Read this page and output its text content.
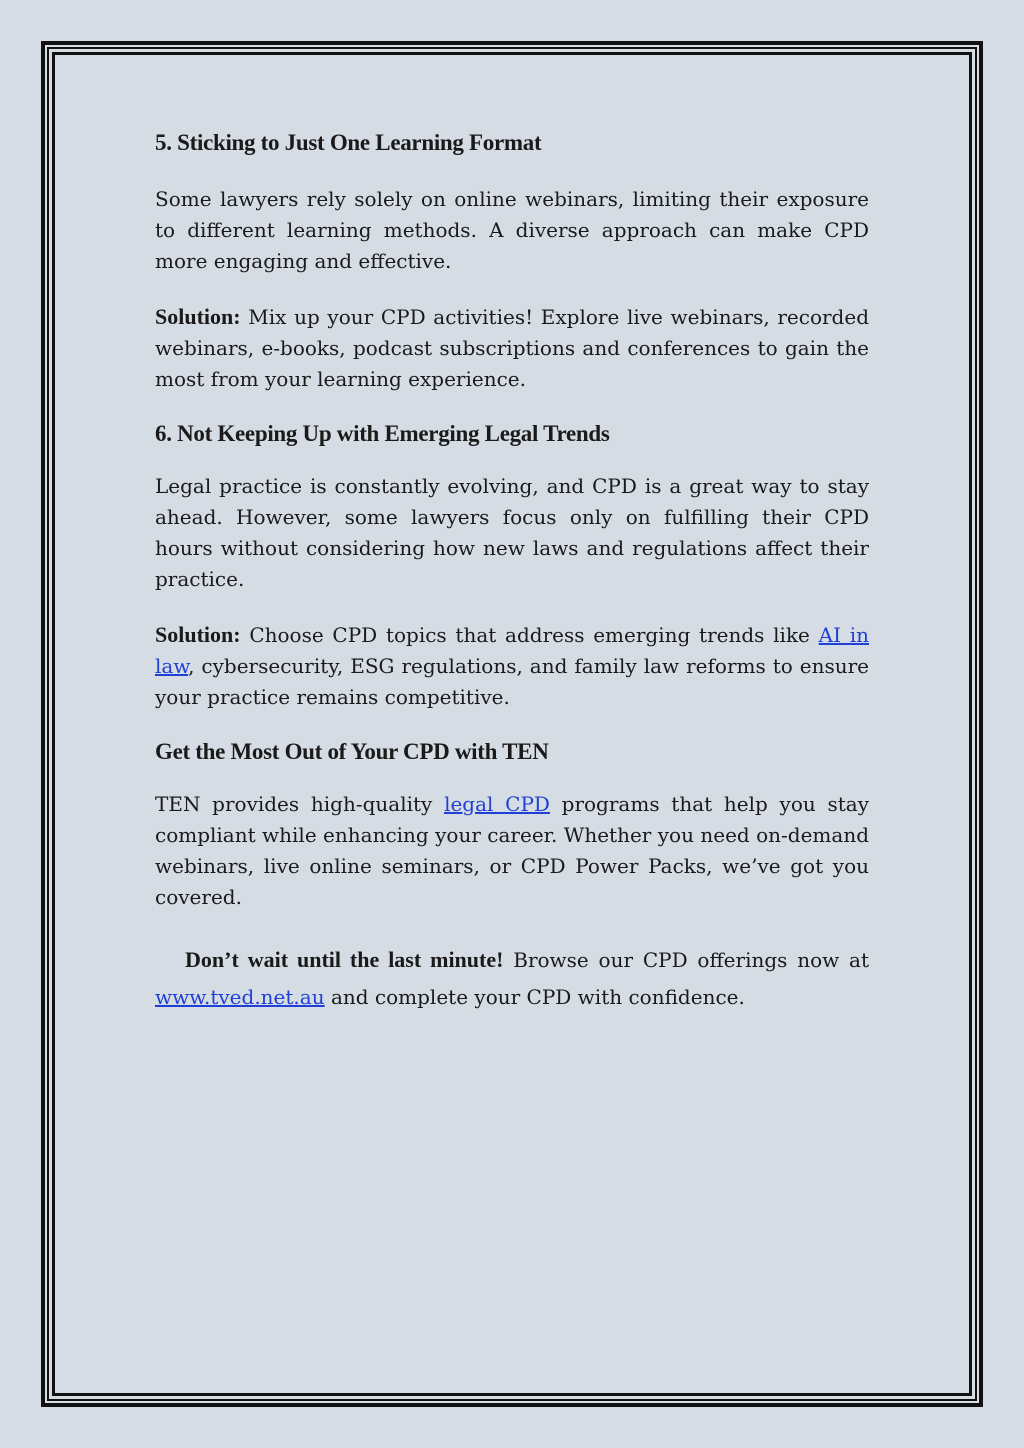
5. Sticking to Just One Learning Format

Some lawyers rely solely on online webinars, limiting their exposure to different learning methods. A diverse approach can make CPD more engaging and effective.

Solution: Mix up your CPD activities! Explore live webinars, recorded webinars, e-books, podcast subscriptions and conferences to gain the most from your learning experience.

6. Not Keeping Up with Emerging Legal Trends

Legal practice is constantly evolving, and CPD is a great way to stay ahead. However, some lawyers focus only on fulfilling their CPD hours without considering how new laws and regulations affect their practice.

Solution: Choose CPD topics that address emerging trends like AI in law, cybersecurity, ESG regulations, and family law reforms to ensure your practice remains competitive.

Get the Most Out of Your CPD with TEN

TEN provides high-quality legal CPD programs that help you stay compliant while enhancing your career. Whether you need on-demand webinars, live online seminars, or CPD Power Packs, we’ve got you covered.

Don’t wait until the last minute! Browse our CPD offerings now at www.tved.net.au and complete your CPD with confidence.
